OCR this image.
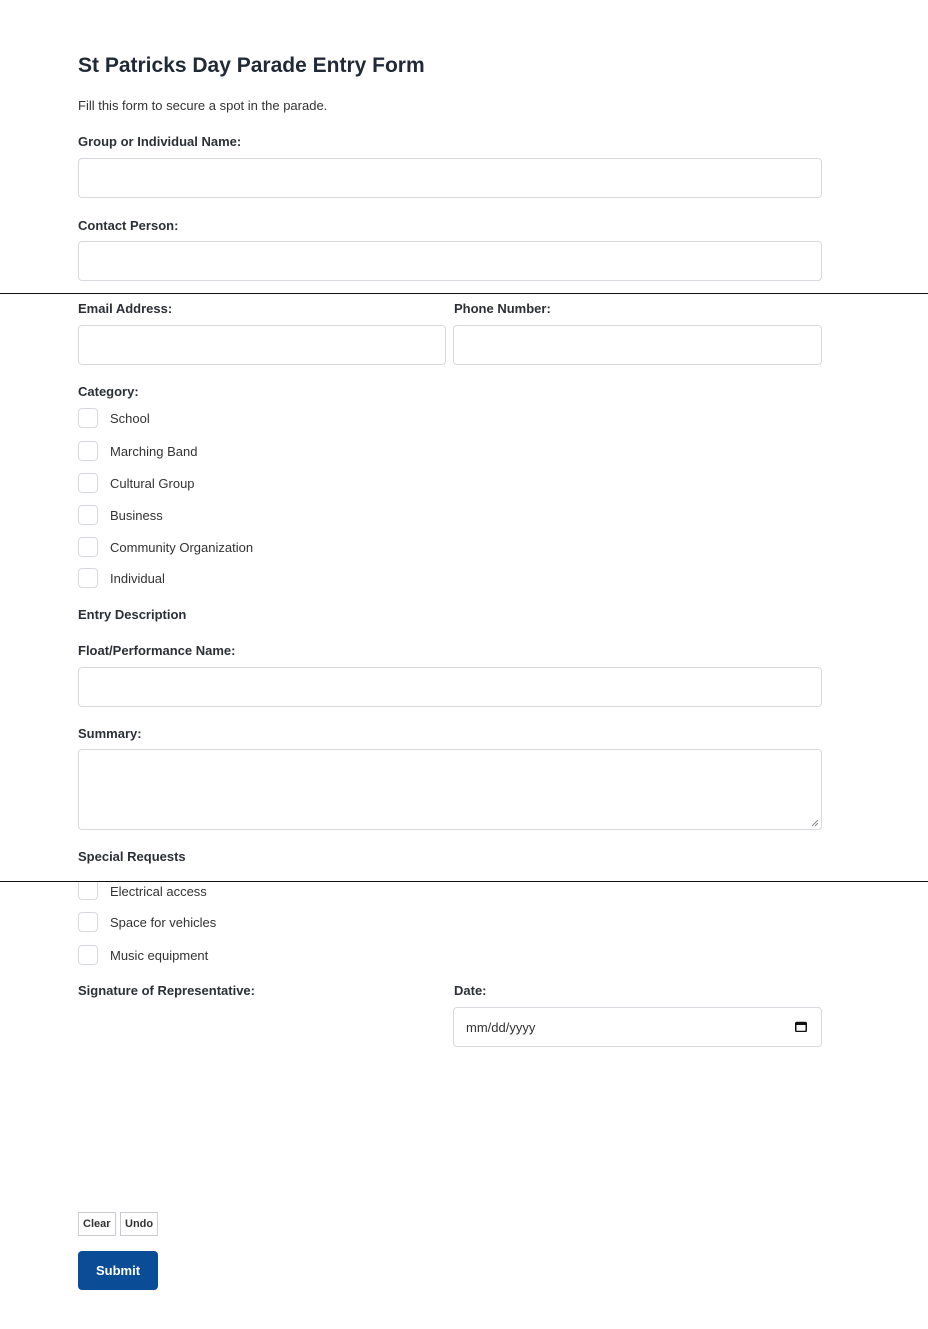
St Patricks Day Parade Entry Form
Fill this form to secure a spot in the parade.
Group or Individual Name:
Contact Person:
Email Address:	Phone Number:
Category:
School
Marching Band
Cultural Group
Business
Community Organization
Individual
Entry Description
Float/Performance Name:
Summary:
Special Requests
Electrical access
Space for vehicles
Music equipment
Signature of Representative:	Date:
mm/dd/yyyy
Clear	Undo
Submit
